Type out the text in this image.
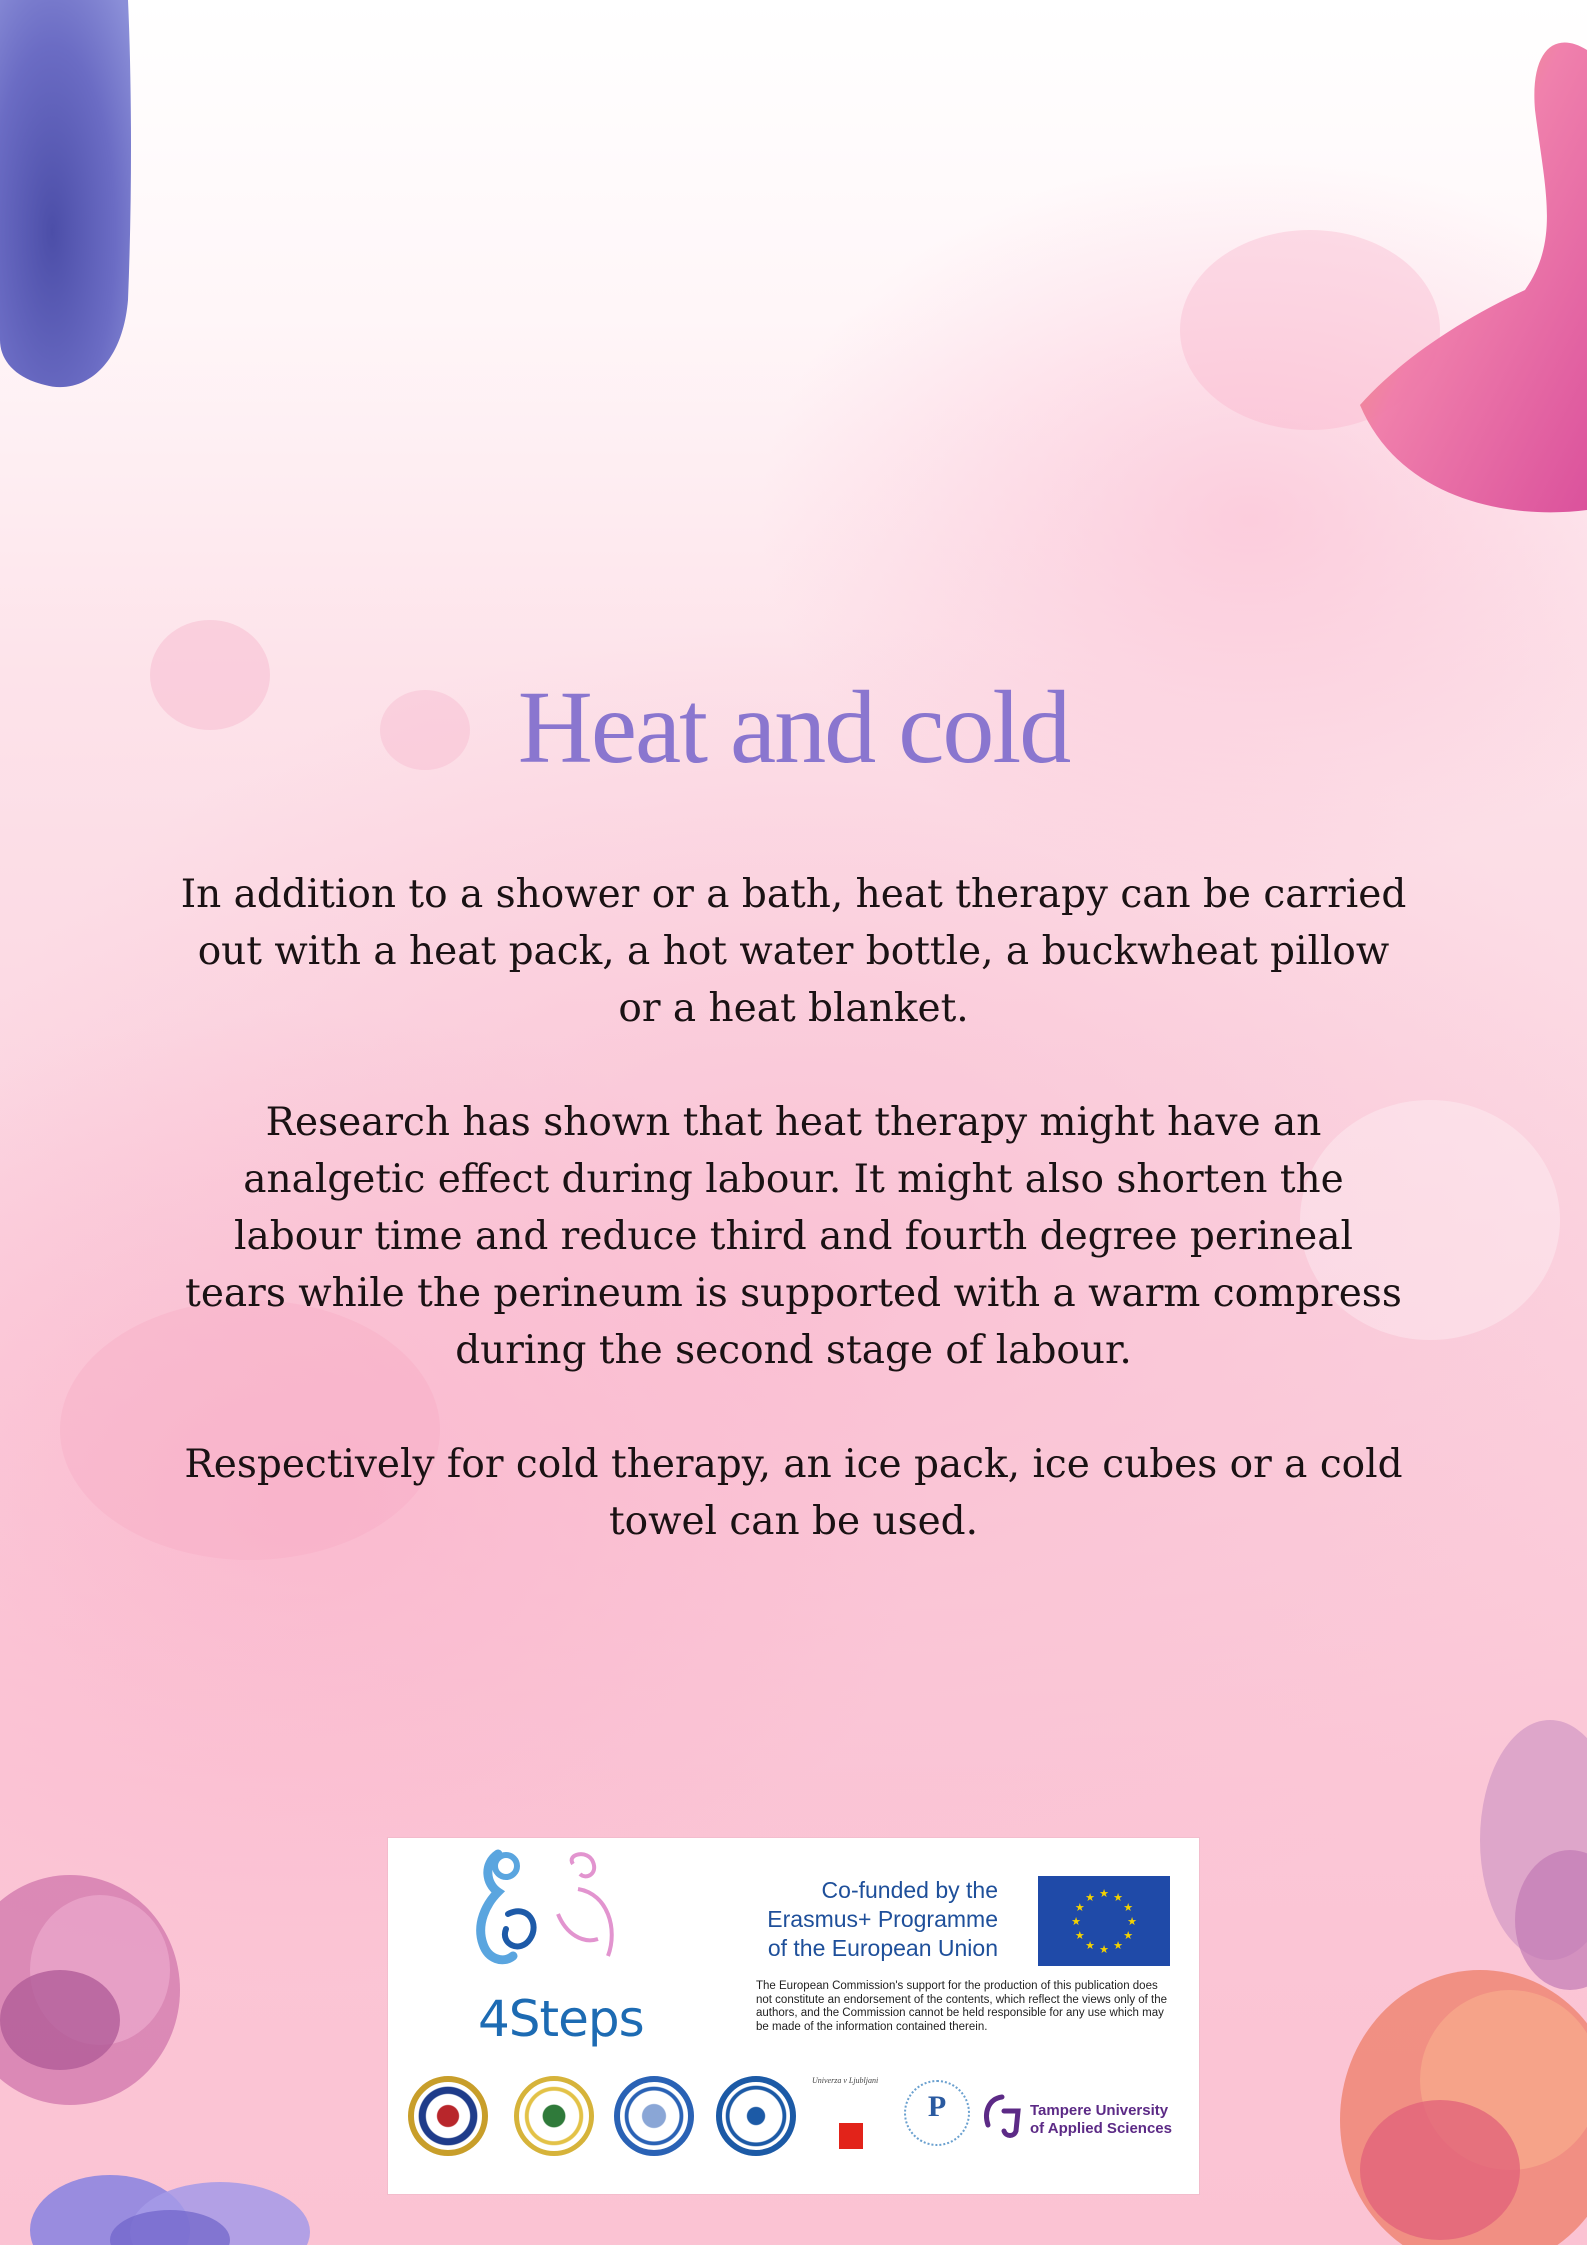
Heat and cold

In addition to a shower or a bath, heat therapy can be carried out with a heat pack, a hot water bottle, a buckwheat pillow or a heat blanket.

Research has shown that heat therapy might have an analgetic effect during labour. It might also shorten the labour time and reduce third and fourth degree perineal tears while the perineum is supported with a warm compress during the second stage of labour.

Respectively for cold therapy, an ice pack, ice cubes or a cold towel can be used.

4Steps
Co-funded by the
Erasmus+ Programme
of the European Union
★ ★
★
★
★
★
★
★
★
★
★
★
The European Commission's support for the production of this publication does not constitute an endorsement of the contents, which reflect the views only of the authors, and the Commission cannot be held responsible for any use which may be made of the information contained therein.
Univerza v Ljubljani
P	Tampere University
of Applied Sciences
